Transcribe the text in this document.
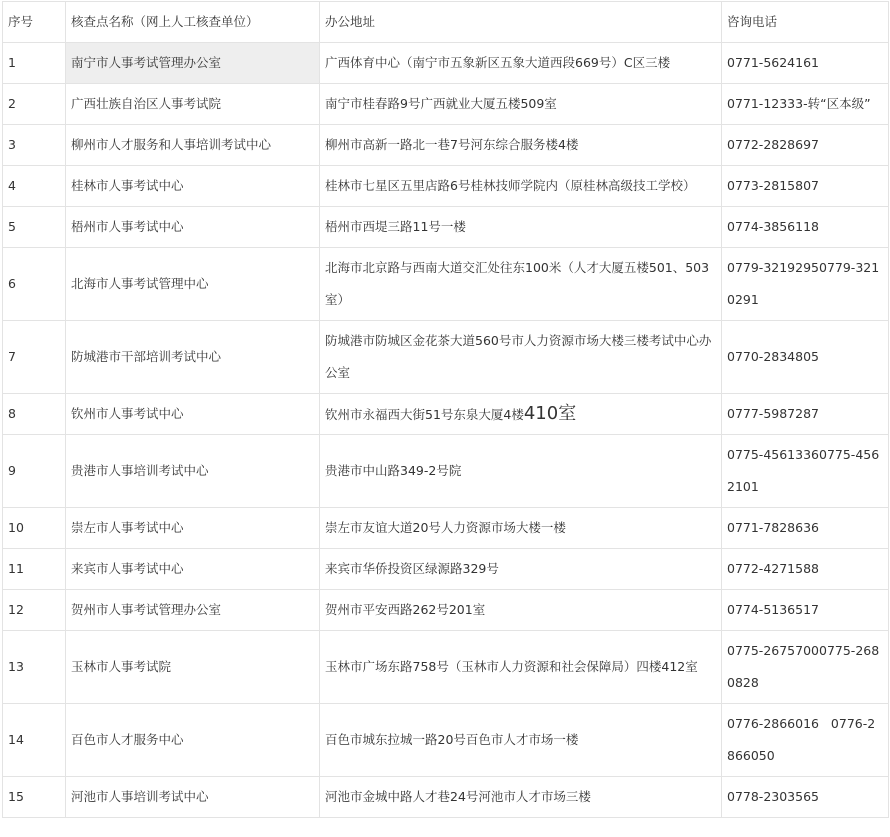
序号	核查点名称（网上人工核查单位）	办公地址	咨询电话
1	南宁市人事考试管理办公室	广西体育中心（南宁市五象新区五象大道西段669号）C区三楼	0771-5624161
2	广西壮族自治区人事考试院	南宁市桂春路9号广西就业大厦五楼509室	0771-12333-转“区本级”
3	柳州市人才服务和人事培训考试中心	柳州市高新一路北一巷7号河东综合服务楼4楼	0772-2828697
4	桂林市人事考试中心	桂林市七星区五里店路6号桂林技师学院内（原桂林高级技工学校）	0773-2815807
5	梧州市人事考试中心	梧州市西堤三路11号一楼	0774-3856118
6	北海市人事考试管理中心	北海市北京路与西南大道交汇处往东100米（人才大厦五楼501、503室）	0779-32192950779-3210291
7	防城港市干部培训考试中心	防城港市防城区金花茶大道560号市人力资源市场大楼三楼考试中心办公室	0770-2834805
8	钦州市人事考试中心	钦州市永福西大街51号东泉大厦4楼410室	0777-5987287
9	贵港市人事培训考试中心	贵港市中山路349-2号院	0775-45613360775-4562101
10	崇左市人事考试中心	崇左市友谊大道20号人力资源市场大楼一楼	0771-7828636
11	来宾市人事考试中心	来宾市华侨投资区绿源路329号	0772-4271588
12	贺州市人事考试管理办公室	贺州市平安西路262号201室	0774-5136517
13	玉林市人事考试院	玉林市广场东路758号（玉林市人力资源和社会保障局）四楼412室	0775-26757000775-2680828
14	百色市人才服务中心	百色市城东拉城一路20号百色市人才市场一楼	0776-2866016   0776-2866050
15	河池市人事培训考试中心	河池市金城中路人才巷24号河池市人才市场三楼	0778-2303565
